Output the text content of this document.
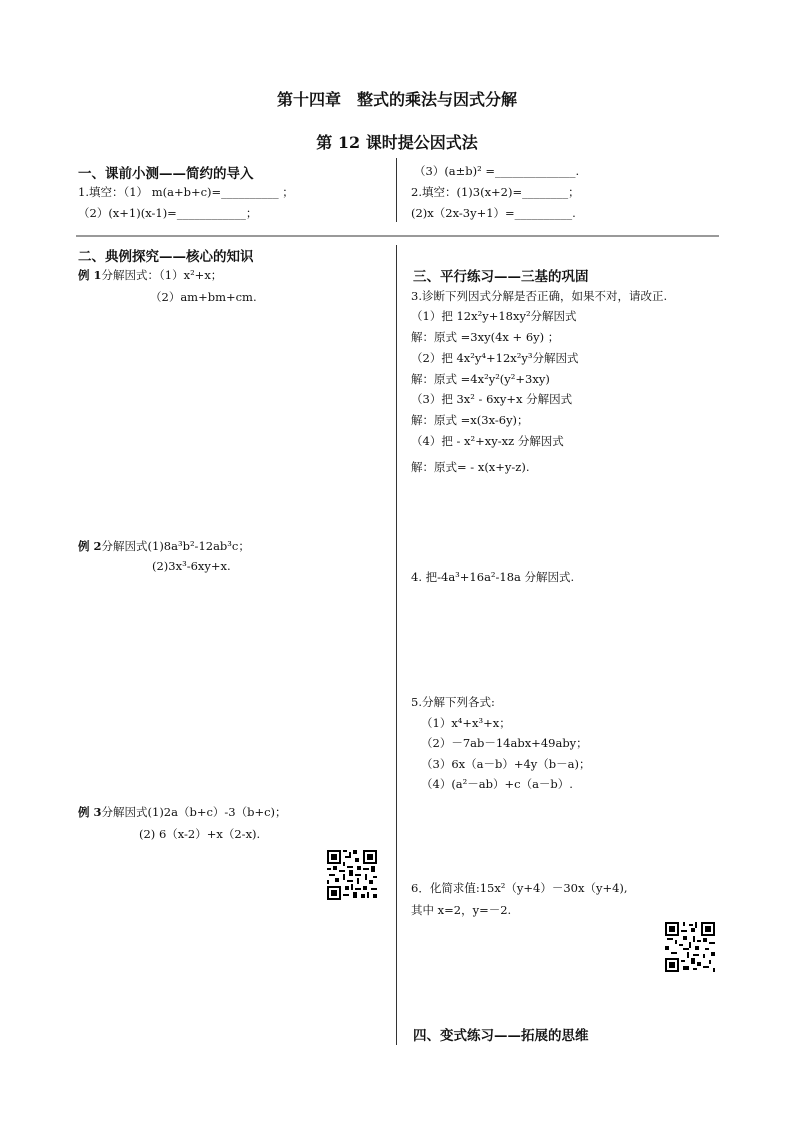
第十四章　整式的乘法与因式分解
第 12 课时提公因式法
一、课前小测——简约的导入
1.填空：（1） m(a+b+c)=__________ ；
（2）(x+1)(x-1)=____________；
（3）(a±b)² =______________.
2.填空：(1)3(x+2)=________；
(2)x（2x-3y+1）=__________.
二、典例探究——核心的知识
例 1分解因式：（1）x²+x；
（2）am+bm+cm.
例 2分解因式(1)8a³b²-12ab³c；
(2)3x³-6xy+x.
例 3分解因式(1)2a（b+c）-3（b+c)；
(2) 6（x-2）+x（2-x).
三、平行练习——三基的巩固
3.诊断下列因式分解是否正确，如果不对，请改正.
（1）把 12x²y+18xy²分解因式
解：原式 =3xy(4x + 6y) ；
（2）把 4x²y⁴+12x²y³分解因式
解：原式 =4x²y²(y²+3xy)
（3）把 3x² - 6xy+x 分解因式
解：原式 =x(3x-6y)；
（4）把 - x²+xy-xz 分解因式
解：原式= - x(x+y-z).
4. 把-4a³+16a²-18a 分解因式.
5.分解下列各式:
（1）x⁴+x³+x；
（2）－7ab－14abx+49aby；
（3）6x（a－b）+4y（b－a)；
（4）(a²－ab）+c（a－b）.
6．化简求值:15x²（y+4）－30x（y+4),
其中 x=2，y=－2.
四、变式练习——拓展的思维
